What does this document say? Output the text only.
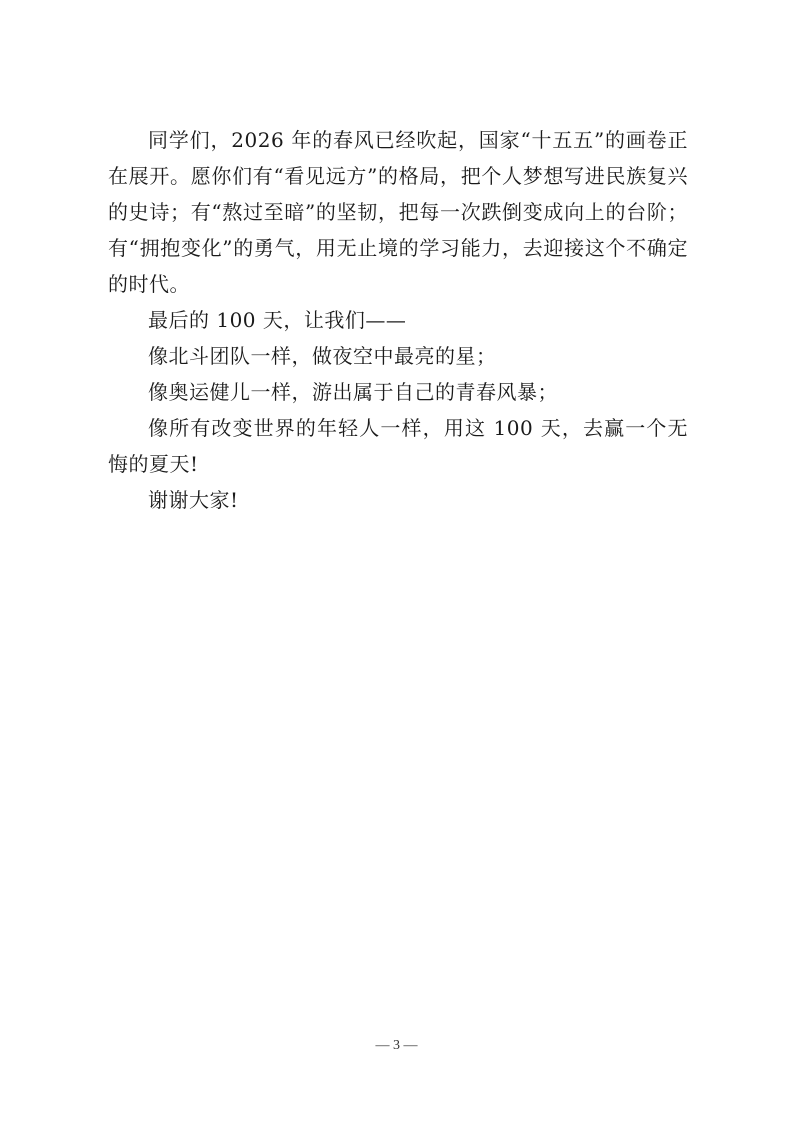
同学们，2026 年的春风已经吹起，国家“十五五”的画卷正在展开。愿你们有“看见远方”的格局，把个人梦想写进民族复兴的史诗；有“熬过至暗”的坚韧，把每一次跌倒变成向上的台阶；有“拥抱变化”的勇气，用无止境的学习能力，去迎接这个不确定的时代。

最后的 100 天，让我们——

像北斗团队一样，做夜空中最亮的星；

像奥运健儿一样，游出属于自己的青春风暴；

像所有改变世界的年轻人一样，用这 100 天，去赢一个无悔的夏天!

谢谢大家!

— 3 —
